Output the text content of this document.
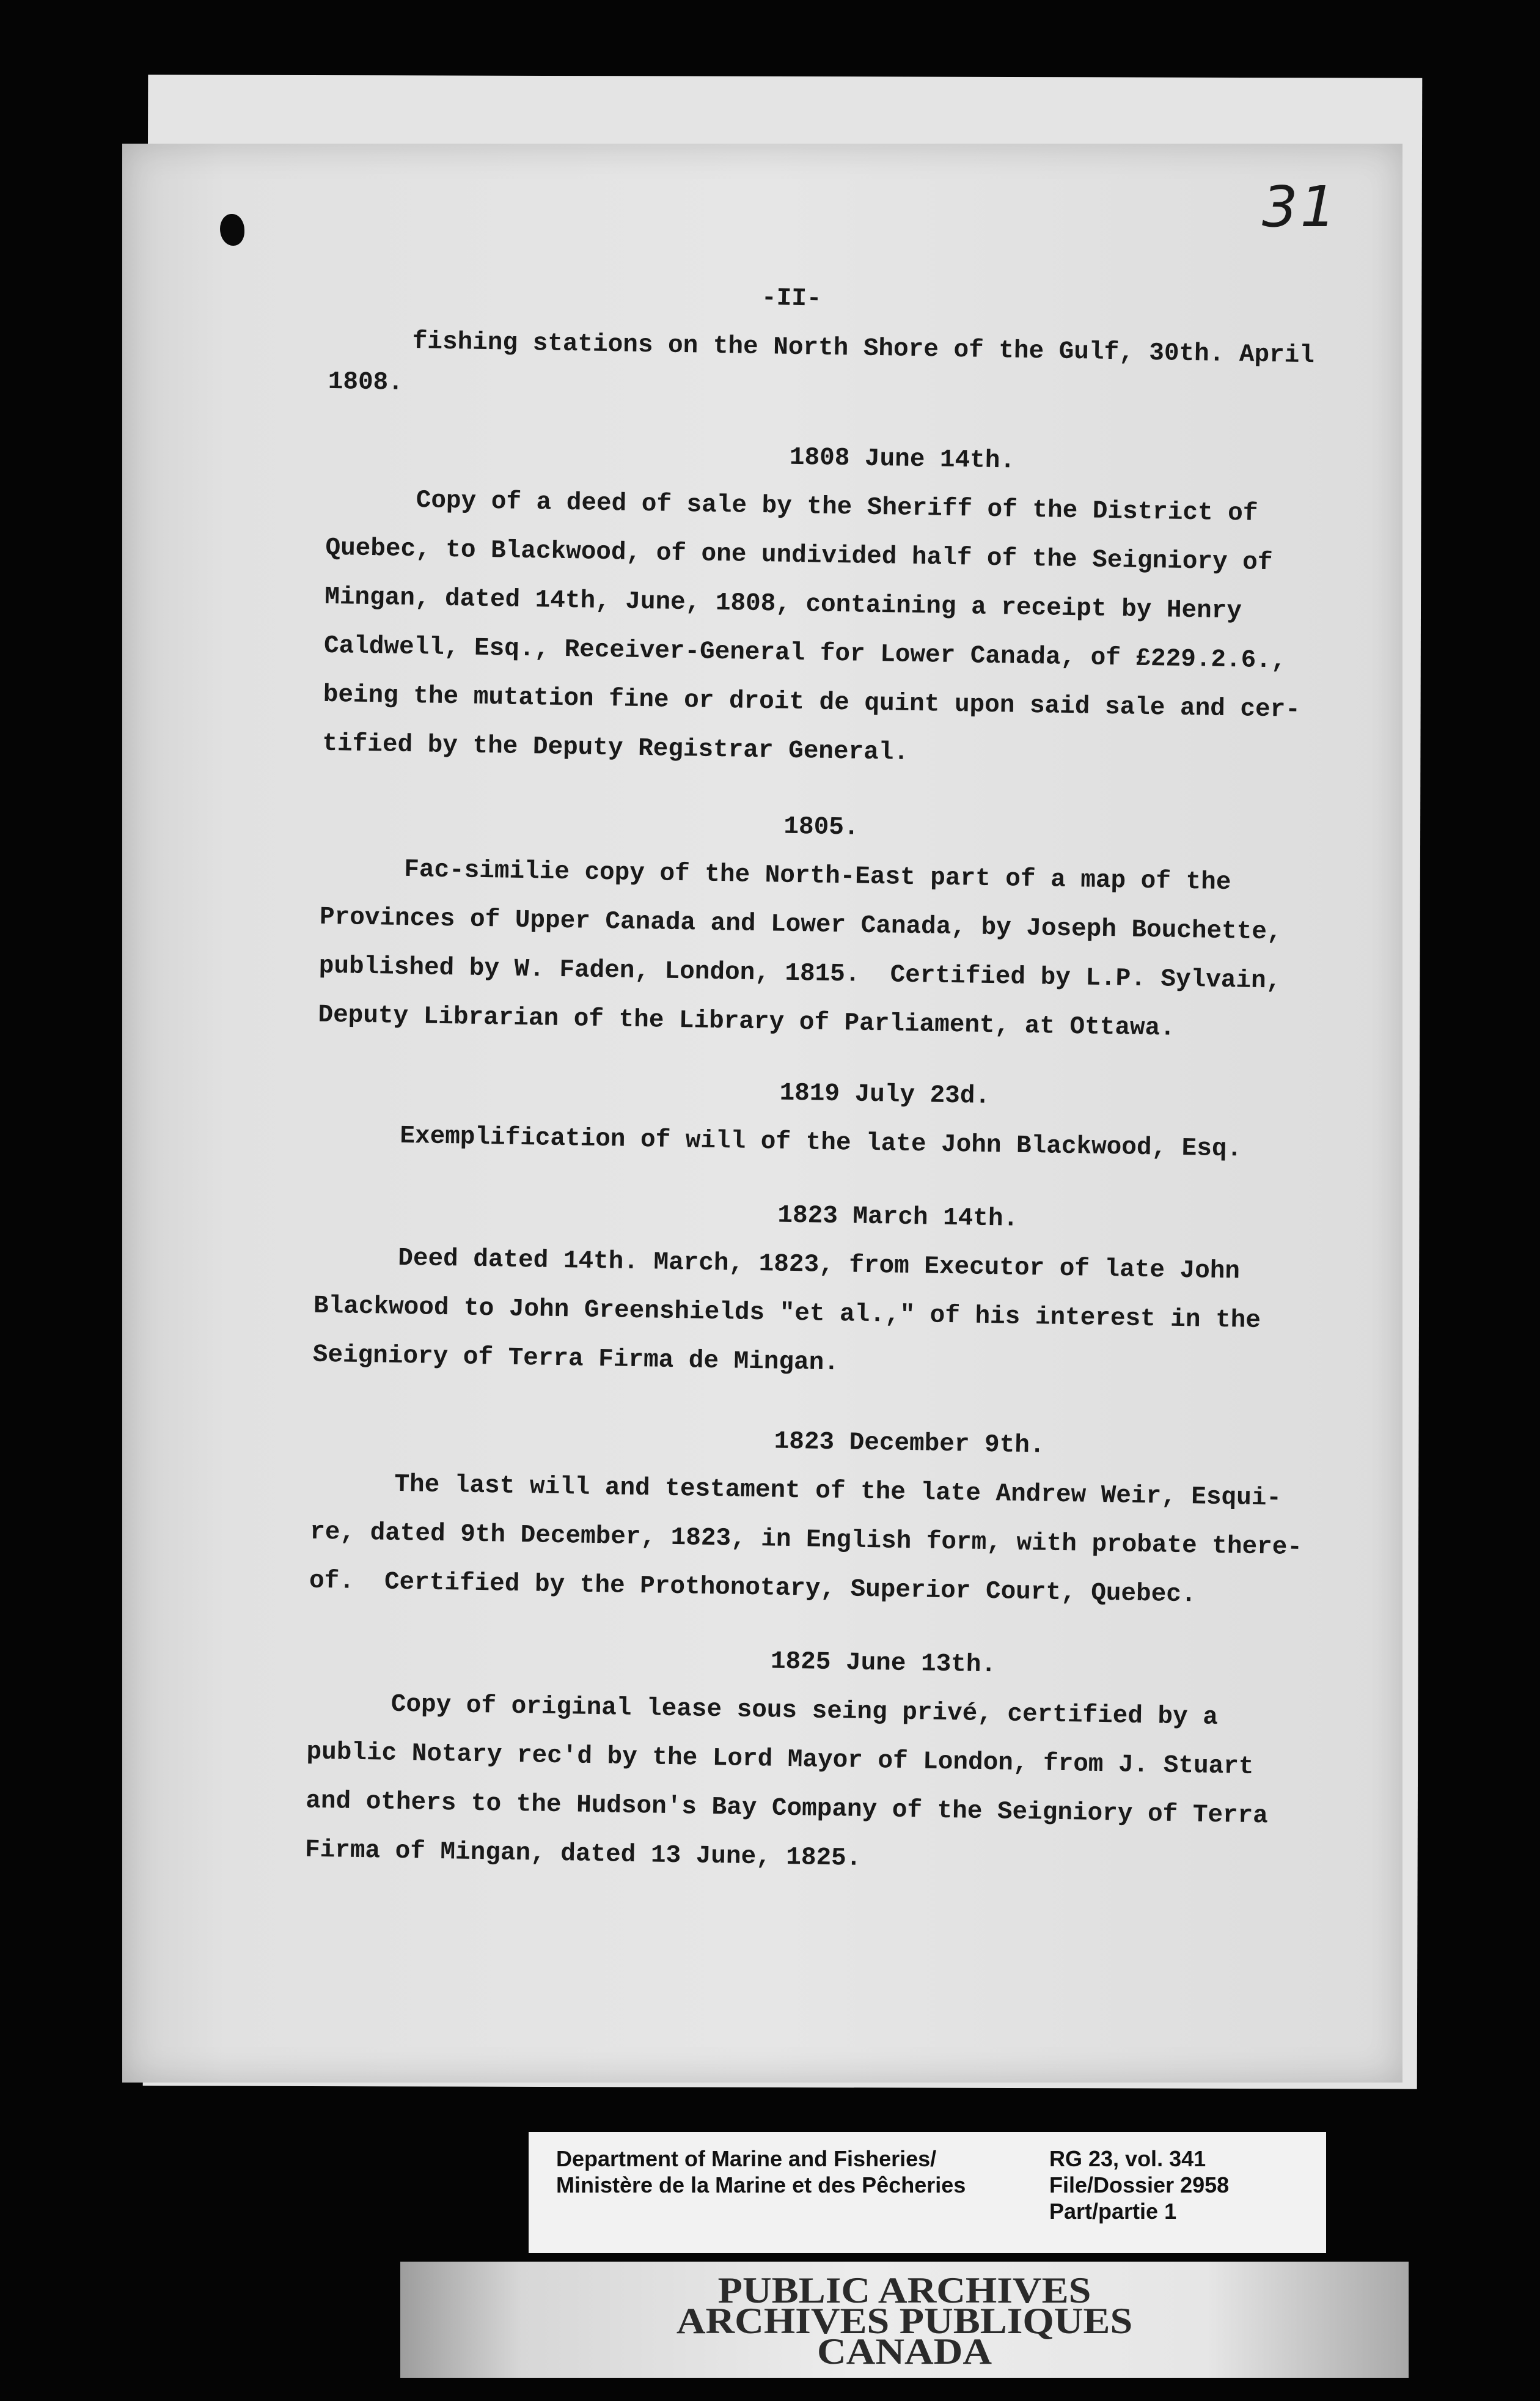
31
-II-
fishing stations on the North Shore of the Gulf, 30th. April
1808.
1808 June 14th.
Copy of a deed of sale by the Sheriff of the District of
Quebec, to Blackwood, of one undivided half of the Seigniory of
Mingan, dated 14th, June, 1808, containing a receipt by Henry
Caldwell, Esq., Receiver-General for Lower Canada, of £229.2.6.,
being the mutation fine or droit de quint upon said sale and cer-
tified by the Deputy Registrar General.
1805.
Fac-similie copy of the North-East part of a map of the
Provinces of Upper Canada and Lower Canada, by Joseph Bouchette,
published by W. Faden, London, 1815.  Certified by L.P. Sylvain,
Deputy Librarian of the Library of Parliament, at Ottawa.
1819 July 23d.
Exemplification of will of the late John Blackwood, Esq.
1823 March 14th.
Deed dated 14th. March, 1823, from Executor of late John
Blackwood to John Greenshields "et al.," of his interest in the
Seigniory of Terra Firma de Mingan.
1823 December 9th.
The last will and testament of the late Andrew Weir, Esqui-
re, dated 9th December, 1823, in English form, with probate there-
of.  Certified by the Prothonotary, Superior Court, Quebec.
1825 June 13th.
Copy of original lease sous seing privé, certified by a
public Notary rec'd by the Lord Mayor of London, from J. Stuart
and others to the Hudson's Bay Company of the Seigniory of Terra
Firma of Mingan, dated 13 June, 1825.
Department of Marine and Fisheries/
Ministère de la Marine et des Pêcheries
RG 23, vol. 341
File/Dossier 2958
Part/partie 1
PUBLIC ARCHIVES
ARCHIVES PUBLIQUES
CANADA
